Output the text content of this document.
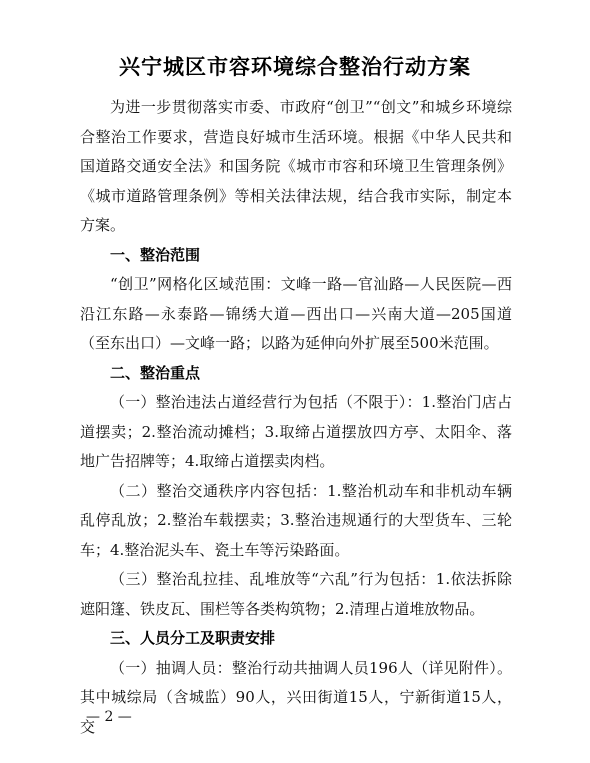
兴宁城区市容环境综合整治行动方案

为进一步贯彻落实市委、市政府“创卫”“创文”和城乡环境综合整治工作要求，营造良好城市生活环境。根据《中华人民共和国道路交通安全法》和国务院《城市市容和环境卫生管理条例》《城市道路管理条例》等相关法律法规，结合我市实际，制定本方案。

一、整治范围

“创卫”网格化区域范围：文峰一路—官汕路—人民医院—西沿江东路—永泰路—锦绣大道—西出口—兴南大道—205国道（至东出口）—文峰一路；以路为延伸向外扩展至500米范围。

二、整治重点

（一）整治违法占道经营行为包括（不限于）：1.整治门店占道摆卖；2.整治流动摊档；3.取缔占道摆放四方亭、太阳伞、落地广告招牌等；4.取缔占道摆卖肉档。

（二）整治交通秩序内容包括：1.整治机动车和非机动车辆乱停乱放；2.整治车载摆卖；3.整治违规通行的大型货车、三轮车；4.整治泥头车、瓷土车等污染路面。

（三）整治乱拉挂、乱堆放等“六乱”行为包括：1.依法拆除遮阳篷、铁皮瓦、围栏等各类构筑物；2.清理占道堆放物品。

三、人员分工及职责安排

（一）抽调人员：整治行动共抽调人员196人（详见附件）。其中城综局（含城监）90人，兴田街道15人，宁新街道15人，交

— 2 —
